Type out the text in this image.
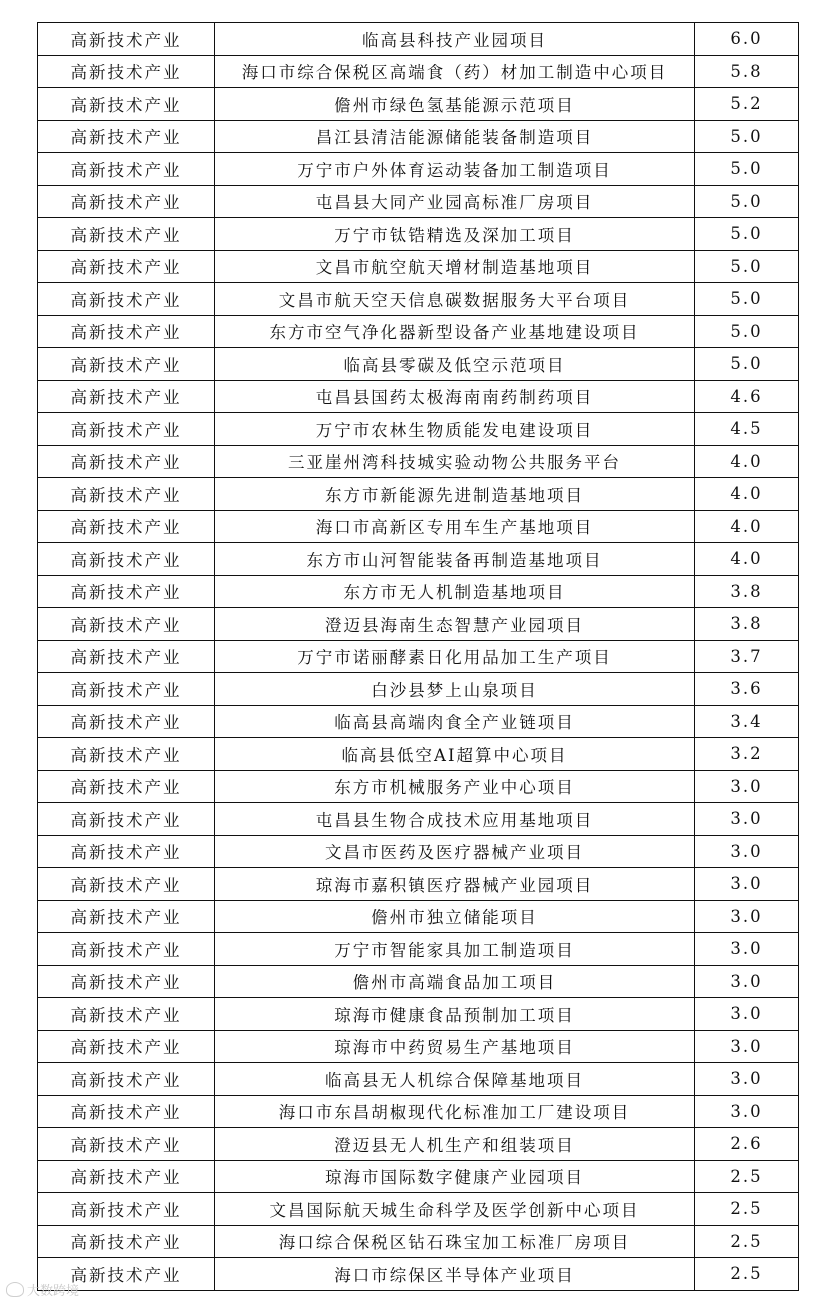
高新技术产业	临高县科技产业园项目	6.0
高新技术产业	海口市综合保税区高端食（药）材加工制造中心项目	5.8
高新技术产业	儋州市绿色氢基能源示范项目	5.2
高新技术产业	昌江县清洁能源储能装备制造项目	5.0
高新技术产业	万宁市户外体育运动装备加工制造项目	5.0
高新技术产业	屯昌县大同产业园高标准厂房项目	5.0
高新技术产业	万宁市钛锆精选及深加工项目	5.0
高新技术产业	文昌市航空航天增材制造基地项目	5.0
高新技术产业	文昌市航天空天信息碳数据服务大平台项目	5.0
高新技术产业	东方市空气净化器新型设备产业基地建设项目	5.0
高新技术产业	临高县零碳及低空示范项目	5.0
高新技术产业	屯昌县国药太极海南南药制药项目	4.6
高新技术产业	万宁市农林生物质能发电建设项目	4.5
高新技术产业	三亚崖州湾科技城实验动物公共服务平台	4.0
高新技术产业	东方市新能源先进制造基地项目	4.0
高新技术产业	海口市高新区专用车生产基地项目	4.0
高新技术产业	东方市山河智能装备再制造基地项目	4.0
高新技术产业	东方市无人机制造基地项目	3.8
高新技术产业	澄迈县海南生态智慧产业园项目	3.8
高新技术产业	万宁市诺丽酵素日化用品加工生产项目	3.7
高新技术产业	白沙县梦上山泉项目	3.6
高新技术产业	临高县高端肉食全产业链项目	3.4
高新技术产业	临高县低空AI超算中心项目	3.2
高新技术产业	东方市机械服务产业中心项目	3.0
高新技术产业	屯昌县生物合成技术应用基地项目	3.0
高新技术产业	文昌市医药及医疗器械产业项目	3.0
高新技术产业	琼海市嘉积镇医疗器械产业园项目	3.0
高新技术产业	儋州市独立储能项目	3.0
高新技术产业	万宁市智能家具加工制造项目	3.0
高新技术产业	儋州市高端食品加工项目	3.0
高新技术产业	琼海市健康食品预制加工项目	3.0
高新技术产业	琼海市中药贸易生产基地项目	3.0
高新技术产业	临高县无人机综合保障基地项目	3.0
高新技术产业	海口市东昌胡椒现代化标准加工厂建设项目	3.0
高新技术产业	澄迈县无人机生产和组装项目	2.6
高新技术产业	琼海市国际数字健康产业园项目	2.5
高新技术产业	文昌国际航天城生命科学及医学创新中心项目	2.5
高新技术产业	海口综合保税区钻石珠宝加工标准厂房项目	2.5
高新技术产业	海口市综保区半导体产业项目	2.5
大数跨境
